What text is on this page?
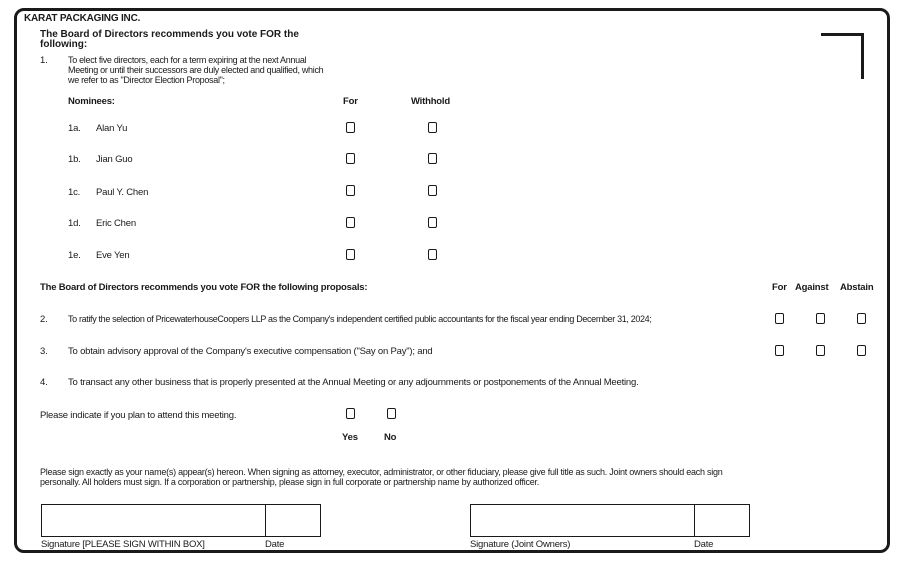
KARAT PACKAGING INC.
The Board of Directors recommends you vote FOR the following:
1. To elect five directors, each for a term expiring at the next Annual Meeting or until their successors are duly elected and qualified, which we refer to as "Director Election Proposal";
Nominees:	For	Withhold
1a. Alan Yu
1b. Jian Guo
1c. Paul Y. Chen
1d. Eric Chen
1e. Eve Yen
The Board of Directors recommends you vote FOR the following proposals:	For Against Abstain
2. To ratify the selection of PricewaterhouseCoopers LLP as the Company's independent certified public accountants for the fiscal year ending December 31, 2024;
3. To obtain advisory approval of the Company's executive compensation ("Say on Pay"); and
4. To transact any other business that is properly presented at the Annual Meeting or any adjournments or postponements of the Annual Meeting.
Please indicate if you plan to attend this meeting.
Yes	No
Please sign exactly as your name(s) appear(s) hereon. When signing as attorney, executor, administrator, or other fiduciary, please give full title as such. Joint owners should each sign personally. All holders must sign. If a corporation or partnership, please sign in full corporate or partnership name by authorized officer.
Signature [PLEASE SIGN WITHIN BOX]	Date	Signature (Joint Owners)	Date
